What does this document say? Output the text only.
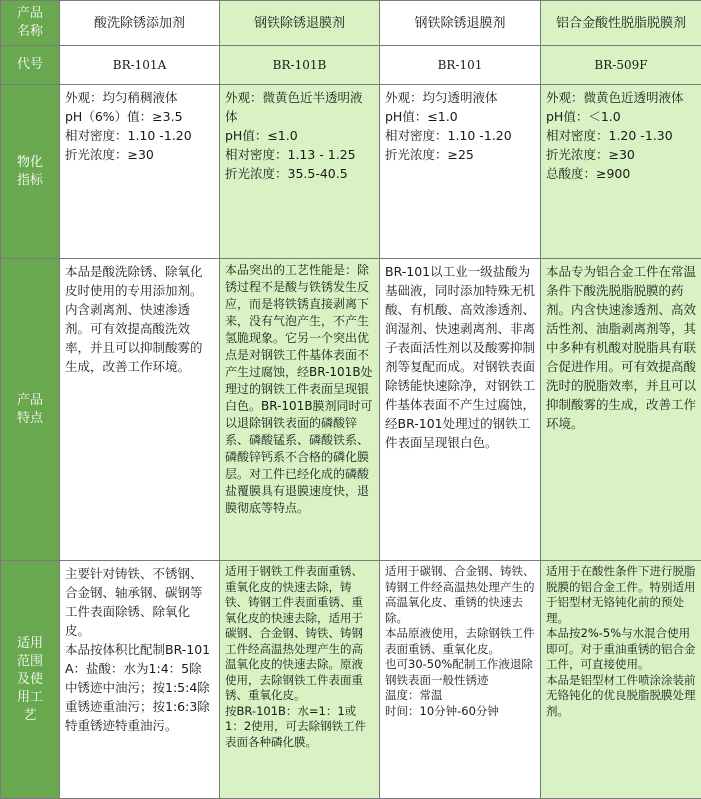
产品
名称	酸洗除锈添加剂	钢铁除锈退膜剂	钢铁除锈退膜剂	铝合金酸性脱脂脱膜剂

代号	BR-101A	BR-101B	BR-101	BR-509F

物化
指标	外观：均匀稍稠液体
pH（6%）值：≥3.5
相对密度：1.10 -1.20
折光浓度：≥30	外观：微黄色近半透明液体
pH值：≤1.0
相对密度：1.13 - 1.25
折光浓度：35.5-40.5	外观：均匀透明液体
pH值：≤1.0
相对密度：1.10 -1.20
折光浓度：≥25	外观：微黄色近透明液体
pH值：＜1.0
相对密度：1.20 -1.30
折光浓度：≥30
总酸度：≥900

产品
特点	本品是酸洗除锈、除氧化皮时使用的专用添加剂。内含剥离剂、快速渗透剂。可有效提高酸洗效率，并且可以抑制酸雾的生成，改善工作环境。	本品突出的工艺性能是：除锈过程不是酸与铁锈发生反应，而是将铁锈直接剥离下来，没有气泡产生，不产生氢脆现象。它另一个突出优点是对钢铁工件基体表面不产生过腐蚀，经BR-101B处理过的钢铁工件表面呈现银白色。BR-101B膜剂同时可以退除钢铁表面的磷酸锌系、磷酸锰系、磷酸铁系、磷酸锌钙系不合格的磷化膜层。对工件已经化成的磷酸盐覆膜具有退膜速度快，退膜彻底等特点。	BR-101以工业一级盐酸为基础液，同时添加特殊无机酸、有机酸、高效渗透剂、润湿剂、快速剥离剂、非离子表面活性剂以及酸雾抑制剂等复配而成。对钢铁表面除锈能快速除净，对钢铁工件基体表面不产生过腐蚀，经BR-101处理过的钢铁工件表面呈现银白色。	本品专为铝合金工件在常温条件下酸洗脱脂脱膜的药剂。内含快速渗透剂、高效活性剂、油脂剥离剂等，其中多种有机酸对脱脂具有联合促进作用。可有效提高酸洗时的脱脂效率，并且可以抑制酸雾的生成，改善工作环境。

适用
范围
及使
用工
艺	主要针对铸铁、不锈钢、合金钢、轴承钢、碳钢等工件表面除锈、除氧化皮。
本品按体积比配制BR-101A：盐酸：水为1:4：5除中锈迹中油污；按1:5:4除重锈迹重油污；按1:6:3除特重锈迹特重油污。	适用于钢铁工件表面重锈、重氧化皮的快速去除，铸铁、铸钢工件表面重锈、重氧化皮的快速去除，适用于碳钢、合金钢、铸铁、铸钢工件经高温热处理产生的高温氧化皮的快速去除。原液使用，去除钢铁工件表面重锈、重氧化皮。
按BR-101B：水=1：1或1：2使用，可去除钢铁工件表面各种磷化膜。	适用于碳钢、合金钢、铸铁、铸钢工件经高温热处理产生的高温氧化皮、重锈的快速去除。
本品原液使用，去除钢铁工件表面重锈、重氧化皮。
也可30-50%配制工作液退除钢铁表面一般性锈迹
温度：常温
时间：10分钟-60分钟	适用于在酸性条件下进行脱脂脱膜的铝合金工件。特别适用于铝型材无铬钝化前的预处理。
本品按2%-5%与水混合使用即可。对于重油重锈的铝合金工件，可直接使用。
本品是铝型材工件喷涂涂装前无铬钝化的优良脱脂脱膜处理剂。
